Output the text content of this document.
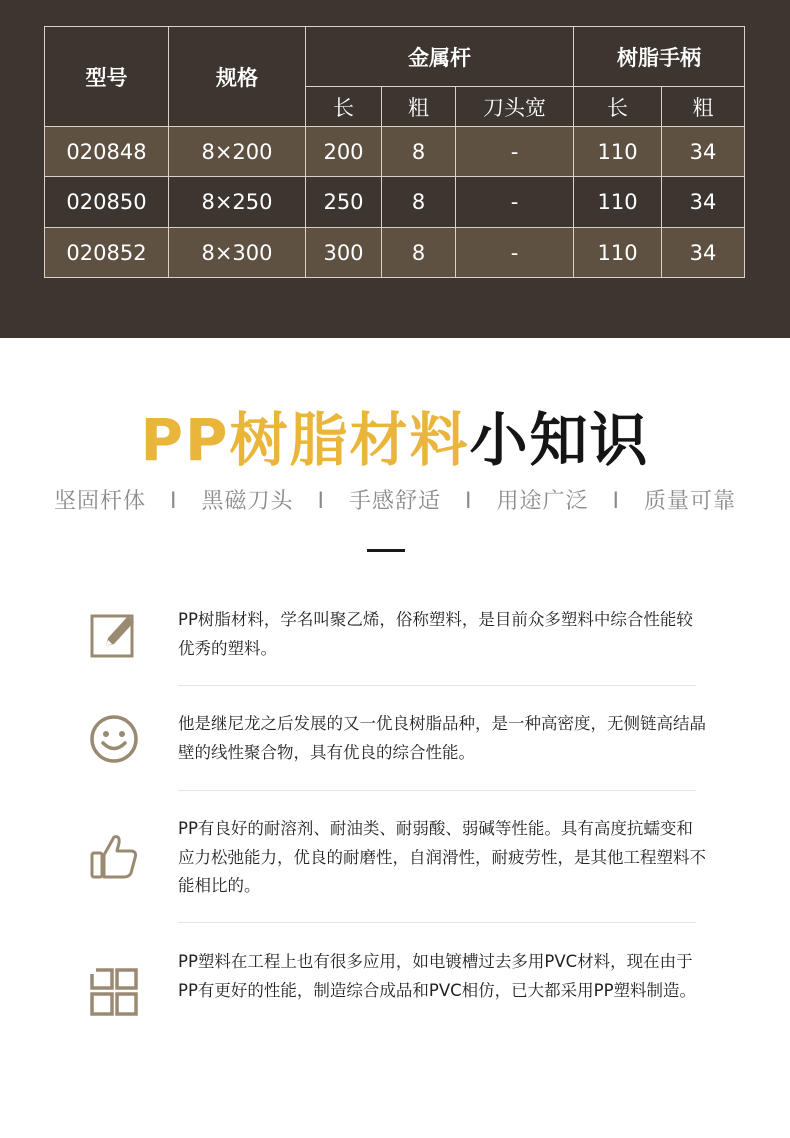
型号	规格	金属杆			树脂手柄	
		长	粗	刀头宽	长	粗
020848	8×200	200	8	-	110	34
020850	8×250	250	8	-	110	34
020852	8×300	300	8	-	110	34
PP树脂材料小知识
坚固杆体 I 黑磁刀头 I 手感舒适 I 用途广泛 I 质量可靠
PP树脂材料，学名叫聚乙烯，俗称塑料，是目前众多塑料中综合性能较优秀的塑料。
他是继尼龙之后发展的又一优良树脂品种，是一种高密度，无侧链高结晶壁的线性聚合物，具有优良的综合性能。
PP有良好的耐溶剂、耐油类、耐弱酸、弱碱等性能。具有高度抗蠕变和应力松弛能力，优良的耐磨性，自润滑性，耐疲劳性，是其他工程塑料不能相比的。
PP塑料在工程上也有很多应用，如电镀槽过去多用PVC材料，现在由于PP有更好的性能，制造综合成品和PVC相仿，已大都采用PP塑料制造。
